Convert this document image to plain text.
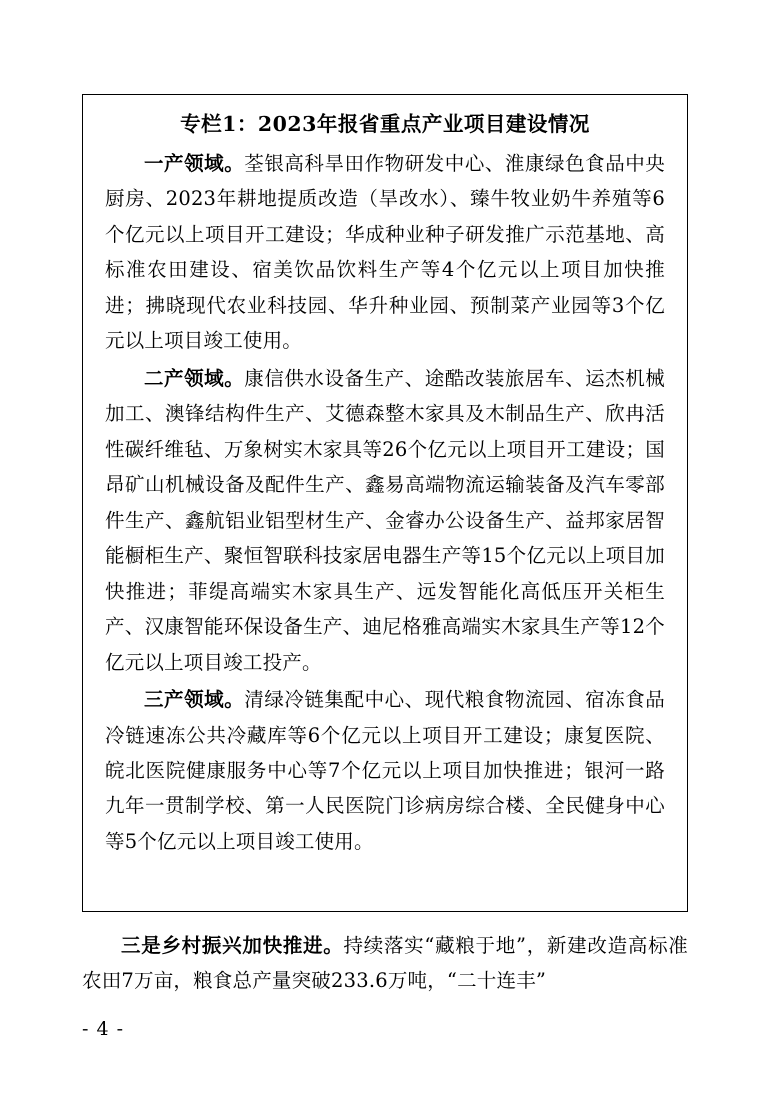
专栏1：2023年报省重点产业项目建设情况

一产领域。荃银高科旱田作物研发中心、淮康绿色食品中央厨房、2023年耕地提质改造（旱改水）、臻牛牧业奶牛养殖等6个亿元以上项目开工建设；华成种业种子研发推广示范基地、高标准农田建设、宿美饮品饮料生产等4个亿元以上项目加快推进；拂晓现代农业科技园、华升种业园、预制菜产业园等3个亿元以上项目竣工使用。

二产领域。康信供水设备生产、途酷改装旅居车、运杰机械加工、澳锋结构件生产、艾德森整木家具及木制品生产、欣冉活性碳纤维毡、万象树实木家具等26个亿元以上项目开工建设；国昂矿山机械设备及配件生产、鑫易高端物流运输装备及汽车零部件生产、鑫航铝业铝型材生产、金睿办公设备生产、益邦家居智能橱柜生产、聚恒智联科技家居电器生产等15个亿元以上项目加快推进；菲缇高端实木家具生产、远发智能化高低压开关柜生产、汉康智能环保设备生产、迪尼格雅高端实木家具生产等12个亿元以上项目竣工投产。

三产领域。清绿冷链集配中心、现代粮食物流园、宿冻食品冷链速冻公共冷藏库等6个亿元以上项目开工建设；康复医院、皖北医院健康服务中心等7个亿元以上项目加快推进；银河一路九年一贯制学校、第一人民医院门诊病房综合楼、全民健身中心等5个亿元以上项目竣工使用。

三是乡村振兴加快推进。持续落实“藏粮于地”，新建改造高标准农田7万亩，粮食总产量突破233.6万吨，“二十连丰”

- 4 -
